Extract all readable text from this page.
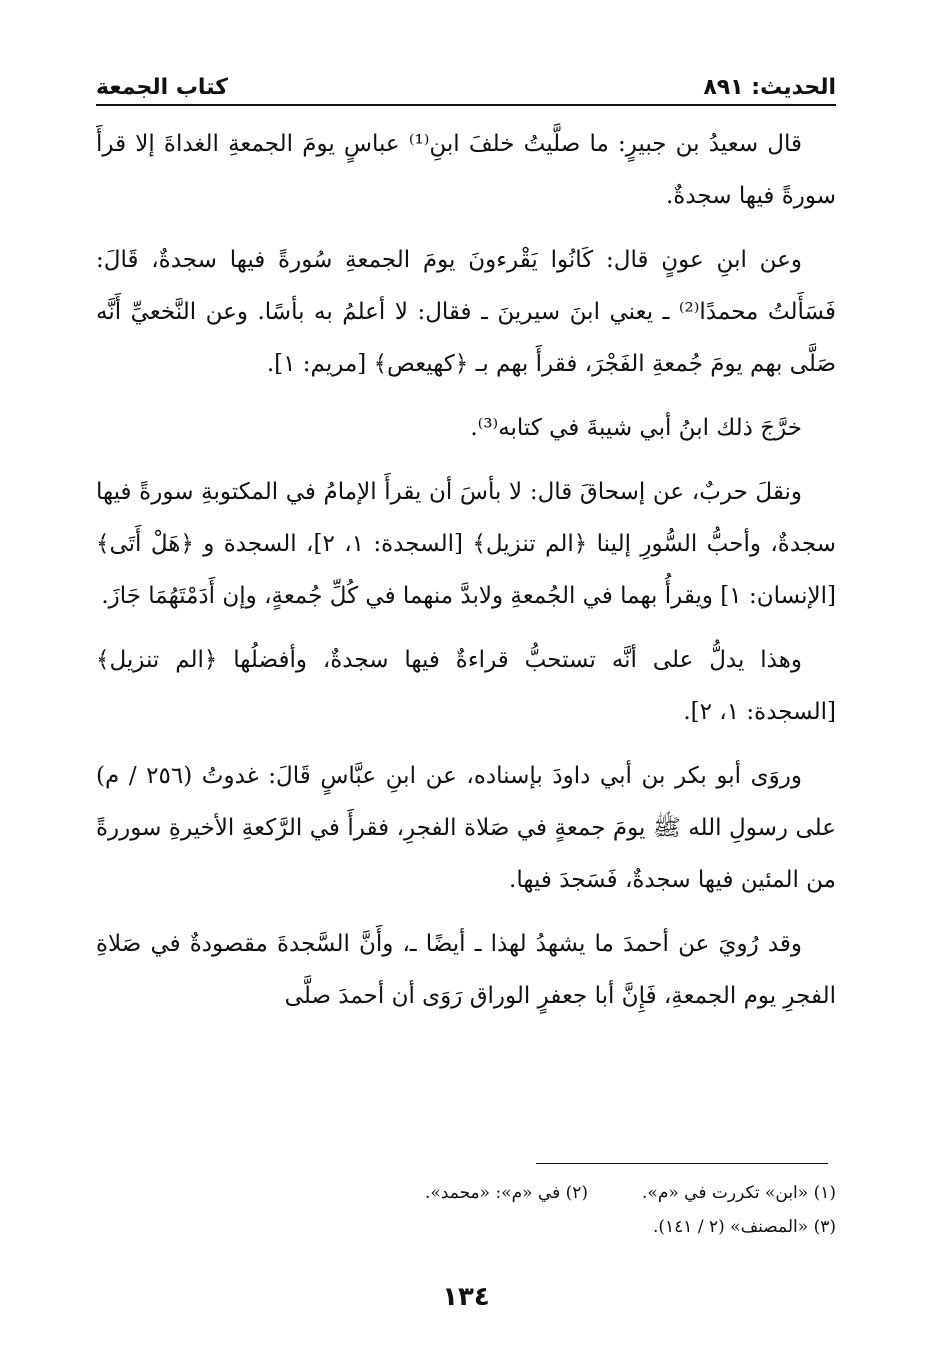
الحديث: ٨٩١
كتاب الجمعة

قال سعيدُ بن جبيرٍ: ما صلَّيتُ خلفَ ابنِ⁽¹⁾ عباسٍ يومَ الجمعةِ الغداةَ إلا قرأَ سورةً فيها سجدةٌ.

وعن ابنِ عونٍ قال: كَانُوا يَقْرءونَ يومَ الجمعةِ سُورةً فيها سجدةٌ، قَالَ: فَسَأَلتُ محمدًا⁽²⁾ ـ يعني ابنَ سيرينَ ـ فقال: لا أعلمُ به بأسًا. وعن النَّخعيِّ أَنَّه صَلَّى بهم يومَ جُمعةِ الفَجْرَ، فقرأَ بهم بـ ﴿كهيعص﴾ [مريم: ١].

خرَّجَ ذلك ابنُ أبي شيبةَ في كتابه⁽³⁾.

ونقلَ حربٌ، عن إسحاقَ قال: لا بأسَ أن يقرأَ الإمامُ في المكتوبةِ سورةً فيها سجدةٌ، وأحبُّ السُّورِ إلينا ﴿الم تنزيل﴾ [السجدة: ١، ٢]، السجدة و ﴿هَلْ أَتَى﴾ [الإنسان: ١] ويقرأُ بهما في الجُمعةِ ولابدَّ منهما في كُلِّ جُمعةٍ، وإن أَدَمْتَهُمَا جَازَ.

وهذا يدلُّ على أنَّه تستحبُّ قراءةٌ فيها سجدةٌ، وأفضلُها ﴿الم تنزيل﴾ [السجدة: ١، ٢].

وروَى أبو بكر بن أبي داودَ بإسناده، عن ابنِ عبَّاسٍ قَالَ: غدوتُ (٢٥٦ / م) على رسولِ الله ﷺ يومَ جمعةٍ في صَلاة الفجرِ، فقرأَ في الرَّكعةِ الأخيرةِ سوررةً من المئين فيها سجدةٌ، فَسَجدَ فيها.

وقد رُويَ عن أحمدَ ما يشهدُ لهذا ـ أيضًا ـ، وأَنَّ السَّجدةَ مقصودةٌ في صَلاةِ الفجرِ يوم الجمعةِ، فَإِنَّ أبا جعفرٍ الوراق رَوَى أن أحمدَ صلَّى

(١) «ابن» تكررت في «م».
(٢) في «م»: «محمد».
(٣) «المصنف» (٢ / ١٤١).
١٣٤
